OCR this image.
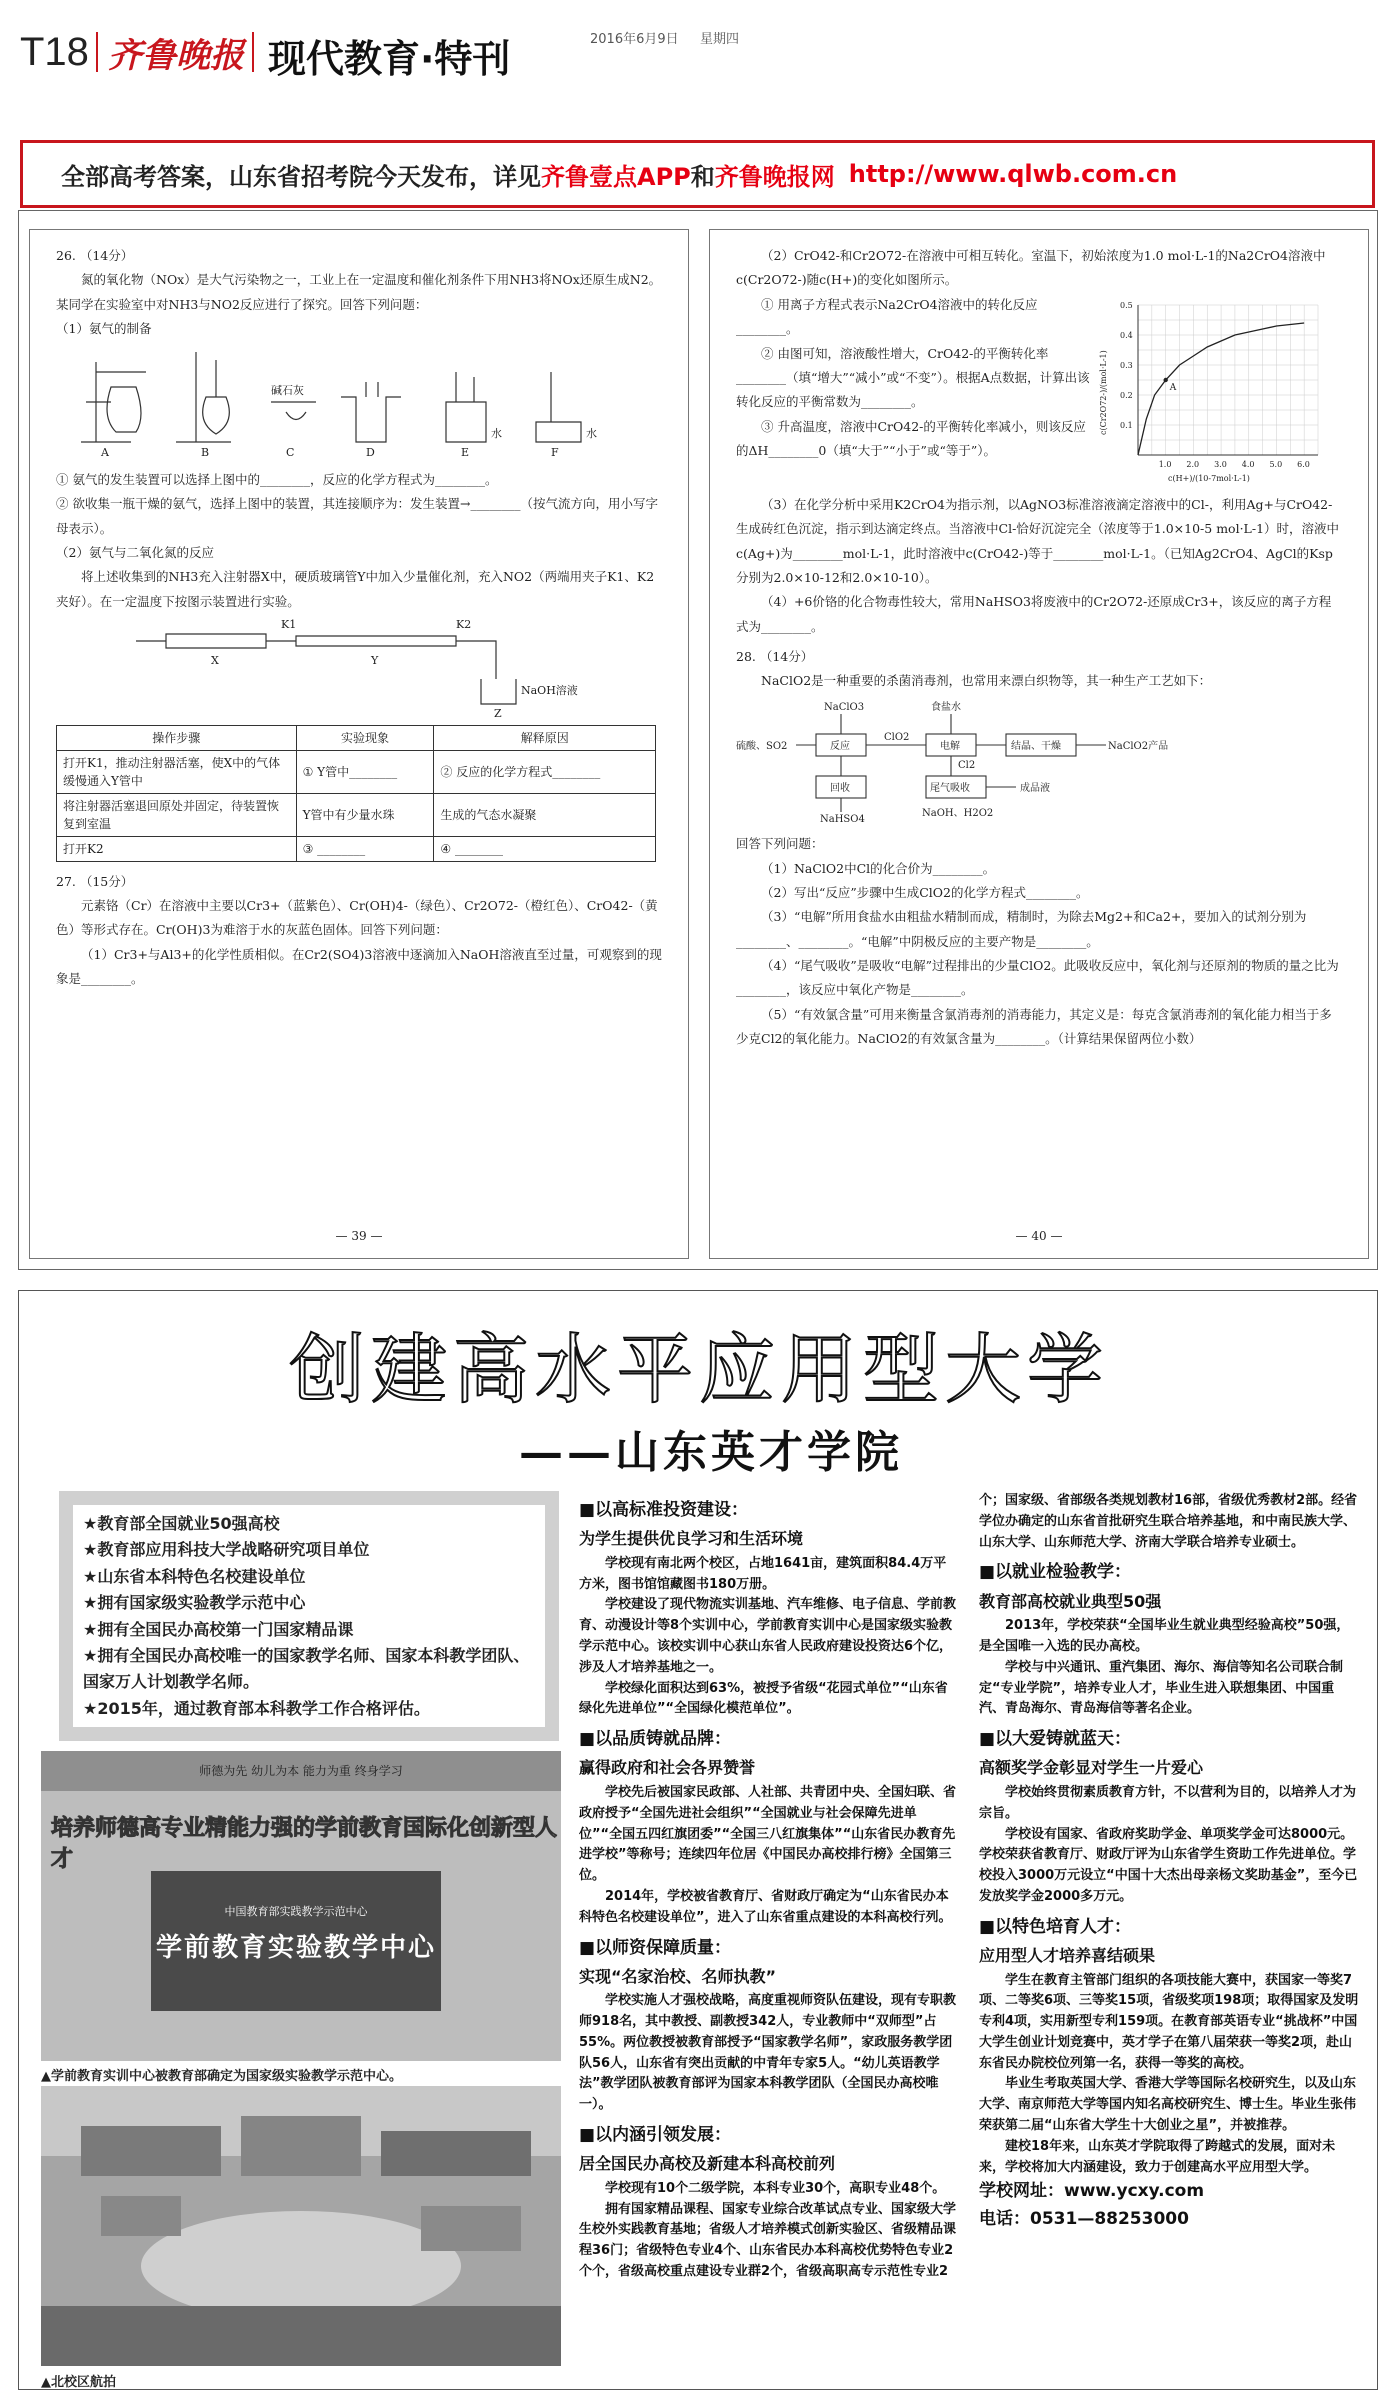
T18 齐鲁晚报 现代教育·特刊	2016年6月9日 星期四
全部高考答案，山东省招考院今天发布，详见 齐鲁壹点APP 和 齐鲁晚报网 http://www.qlwb.com.cn

26. （14分）

氮的氧化物（NOx）是大气污染物之一，工业上在一定温度和催化剂条件下用NH3将NOx还原生成N2。某同学在实验室中对NH3与NO2反应进行了探究。回答下列问题：

（1）氨气的制备

A	B	C	D	E	F
碱石灰
水	水

① 氨气的发生装置可以选择上图中的________，反应的化学方程式为________。

② 欲收集一瓶干燥的氨气，选择上图中的装置，其连接顺序为：发生装置→________（按气流方向，用小写字母表示）。

（2）氨气与二氧化氮的反应

将上述收集到的NH3充入注射器X中，硬质玻璃管Y中加入少量催化剂，充入NO2（两端用夹子K1、K2夹好）。在一定温度下按图示装置进行实验。

X	Y
Z
K1	K2
NaOH溶液
操作步骤	实验现象	解释原因
打开K1，推动注射器活塞，使X中的气体缓慢通入Y管中	① Y管中________	② 反应的化学方程式________
将注射器活塞退回原处并固定，待装置恢复到室温	Y管中有少量水珠	生成的气态水凝聚
打开K2	③ ________	④ ________

27. （15分）

元素铬（Cr）在溶液中主要以Cr3+（蓝紫色）、Cr(OH)4-（绿色）、Cr2O72-（橙红色）、CrO42-（黄色）等形式存在。Cr(OH)3为难溶于水的灰蓝色固体。回答下列问题：

（1）Cr3+与Al3+的化学性质相似。在Cr2(SO4)3溶液中逐滴加入NaOH溶液直至过量，可观察到的现象是________。

— 39 —

（2）CrO42-和Cr2O72-在溶液中可相互转化。室温下，初始浓度为1.0 mol·L-1的Na2CrO4溶液中c(Cr2O72-)随c(H+)的变化如图所示。

① 用离子方程式表示Na2CrO4溶液中的转化反应________。

② 由图可知，溶液酸性增大，CrO42-的平衡转化率________（填“增大”“减小”或“不变”）。根据A点数据，计算出该转化反应的平衡常数为________。

③ 升高温度，溶液中CrO42-的平衡转化率减小，则该反应的ΔH________0（填“大于”“小于”或“等于”）。

1.0 2.0 3.0 4.0 5.0 6.0
0.1
0.2
0.3
0.4
0.5
c(H+)/(10-7mol·L-1)
c(Cr2O72-)/(mol·L-1)	A

（3）在化学分析中采用K2CrO4为指示剂，以AgNO3标准溶液滴定溶液中的Cl-，利用Ag+与CrO42-生成砖红色沉淀，指示到达滴定终点。当溶液中Cl-恰好沉淀完全（浓度等于1.0×10-5 mol·L-1）时，溶液中c(Ag+)为________mol·L-1，此时溶液中c(CrO42-)等于________mol·L-1。（已知Ag2CrO4、AgCl的Ksp分别为2.0×10-12和2.0×10-10）。

（4）+6价铬的化合物毒性较大，常用NaHSO3将废液中的Cr2O72-还原成Cr3+，该反应的离子方程式为________。

28. （14分）

NaClO2是一种重要的杀菌消毒剂，也常用来漂白织物等，其一种生产工艺如下：

NaClO3	食盐水
硫酸、SO2	反应
ClO2
电解	结晶、干燥	NaClO2产品
回收	尾气吸收
Cl2
成品液
NaHSO4
NaOH、H2O2

回答下列问题：

（1）NaClO2中Cl的化合价为________。

（2）写出“反应”步骤中生成ClO2的化学方程式________。

（3）“电解”所用食盐水由粗盐水精制而成，精制时，为除去Mg2+和Ca2+，要加入的试剂分别为________、________。“电解”中阴极反应的主要产物是________。

（4）“尾气吸收”是吸收“电解”过程排出的少量ClO2。此吸收反应中，氧化剂与还原剂的物质的量之比为________，该反应中氧化产物是________。

（5）“有效氯含量”可用来衡量含氯消毒剂的消毒能力，其定义是：每克含氯消毒剂的氧化能力相当于多少克Cl2的氧化能力。NaClO2的有效氯含量为________。（计算结果保留两位小数）

— 40 —
创建高水平应用型大学
——山东英才学院
★教育部全国就业50强高校
★教育部应用科技大学战略研究项目单位
★山东省本科特色名校建设单位
★拥有国家级实验教学示范中心
★拥有全国民办高校第一门国家精品课
★拥有全国民办高校唯一的国家教学名师、国家本科教学团队、国家万人计划教学名师。
★2015年，通过教育部本科教学工作合格评估。
师德为先 幼儿为本 能力为重 终身学习
培养师德高专业精能力强的学前教育国际化创新型人才
中国教育部实践教学示范中心
学前教育实验教学中心
▲学前教育实训中心被教育部确定为国家级实验教学示范中心。
▲北校区航拍
■以高标准投资建设：
为学生提供优良学习和生活环境

学校现有南北两个校区，占地1641亩，建筑面积84.4万平方米，图书馆馆藏图书180万册。

学校建设了现代物流实训基地、汽车维修、电子信息、学前教育、动漫设计等8个实训中心，学前教育实训中心是国家级实验教学示范中心。该校实训中心获山东省人民政府建设投资达6个亿，涉及人才培养基地之一。

学校绿化面积达到63%，被授予省级“花园式单位”“山东省绿化先进单位”“全国绿化模范单位”。

■以品质铸就品牌：
赢得政府和社会各界赞誉

学校先后被国家民政部、人社部、共青团中央、全国妇联、省政府授予“全国先进社会组织”“全国就业与社会保障先进单位”“全国五四红旗团委”“全国三八红旗集体”“山东省民办教育先进学校”等称号；连续四年位居《中国民办高校排行榜》全国第三位。

2014年，学校被省教育厅、省财政厅确定为“山东省民办本科特色名校建设单位”，进入了山东省重点建设的本科高校行列。

■以师资保障质量：
实现“名家治校、名师执教”

学校实施人才强校战略，高度重视师资队伍建设，现有专职教师918名，其中教授、副教授342人，专业教师中“双师型”占55%。两位教授被教育部授予“国家教学名师”，家政服务教学团队56人，山东省有突出贡献的中青年专家5人。“幼儿英语教学法”教学团队被教育部评为国家本科教学团队（全国民办高校唯一）。

■以内涵引领发展：
居全国民办高校及新建本科高校前列

学校现有10个二级学院，本科专业30个，高职专业48个。

拥有国家精品课程、国家专业综合改革试点专业、国家级大学生校外实践教育基地；省级人才培养模式创新实验区、省级精品课程36门；省级特色专业4个、山东省民办本科高校优势特色专业2个个，省级高校重点建设专业群2个，省级高职高专示范性专业2

个；国家级、省部级各类规划教材16部，省级优秀教材2部。经省学位办确定的山东省首批研究生联合培养基地，和中南民族大学、山东大学、山东师范大学、济南大学联合培养专业硕士。

■以就业检验教学：
教育部高校就业典型50强

2013年，学校荣获“全国毕业生就业典型经验高校”50强，是全国唯一入选的民办高校。

学校与中兴通讯、重汽集团、海尔、海信等知名公司联合制定“专业学院”，培养专业人才，毕业生进入联想集团、中国重汽、青岛海尔、青岛海信等著名企业。

■以大爱铸就蓝天：
高额奖学金彰显对学生一片爱心

学校始终贯彻素质教育方针，不以营利为目的，以培养人才为宗旨。

学校设有国家、省政府奖助学金、单项奖学金可达8000元。学校荣获省教育厅、财政厅评为山东省学生资助工作先进单位。学校投入3000万元设立“中国十大杰出母亲杨文奖助基金”，至今已发放奖学金2000多万元。

■以特色培育人才：
应用型人才培养喜结硕果

学生在教育主管部门组织的各项技能大赛中，获国家一等奖7项、二等奖6项、三等奖15项，省级奖项198项；取得国家及发明专利4项，实用新型专利159项。在教育部英语专业“挑战杯”中国大学生创业计划竞赛中，英才学子在第八届荣获一等奖2项，赴山东省民办院校位列第一名，获得一等奖的高校。

毕业生考取英国大学、香港大学等国际名校研究生，以及山东大学、南京师范大学等国内知名高校研究生、博士生。毕业生张伟荣获第二届“山东省大学生十大创业之星”，并被推荐。

建校18年来，山东英才学院取得了跨越式的发展，面对未来，学校将加大内涵建设，致力于创建高水平应用型大学。

学校网址：www.ycxy.com

电话：0531—88253000
